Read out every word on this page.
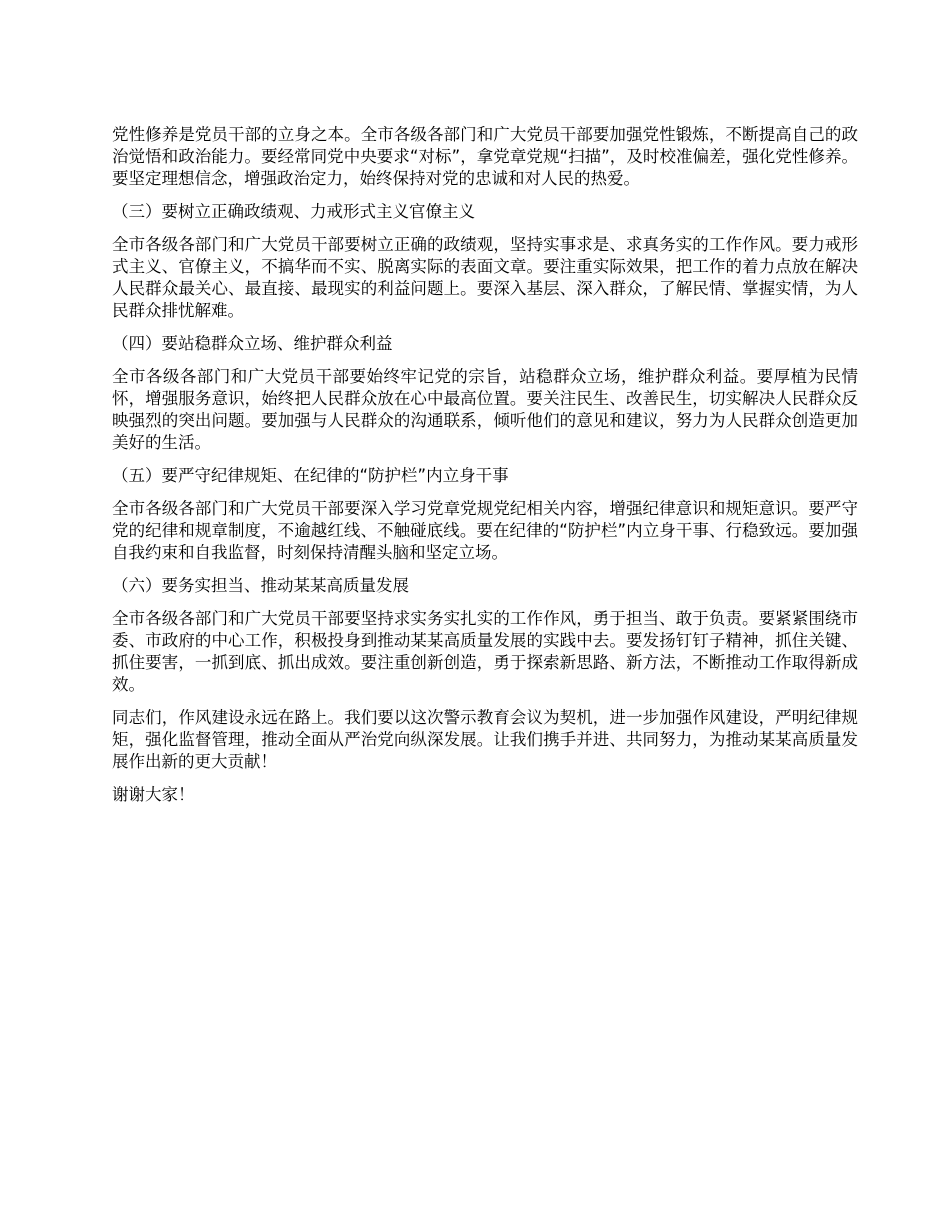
党性修养是党员干部的立身之本。全市各级各部门和广大党员干部要加强党性锻炼，不断提高自己的政治觉悟和政治能力。要经常同党中央要求“对标”，拿党章党规“扫描”，及时校准偏差，强化党性修养。要坚定理想信念，增强政治定力，始终保持对党的忠诚和对人民的热爱。

（三）要树立正确政绩观、力戒形式主义官僚主义

全市各级各部门和广大党员干部要树立正确的政绩观，坚持实事求是、求真务实的工作作风。要力戒形式主义、官僚主义，不搞华而不实、脱离实际的表面文章。要注重实际效果，把工作的着力点放在解决人民群众最关心、最直接、最现实的利益问题上。要深入基层、深入群众，了解民情、掌握实情，为人民群众排忧解难。

（四）要站稳群众立场、维护群众利益

全市各级各部门和广大党员干部要始终牢记党的宗旨，站稳群众立场，维护群众利益。要厚植为民情怀，增强服务意识，始终把人民群众放在心中最高位置。要关注民生、改善民生，切实解决人民群众反映强烈的突出问题。要加强与人民群众的沟通联系，倾听他们的意见和建议，努力为人民群众创造更加美好的生活。

（五）要严守纪律规矩、在纪律的“防护栏”内立身干事

全市各级各部门和广大党员干部要深入学习党章党规党纪相关内容，增强纪律意识和规矩意识。要严守党的纪律和规章制度，不逾越红线、不触碰底线。要在纪律的“防护栏”内立身干事、行稳致远。要加强自我约束和自我监督，时刻保持清醒头脑和坚定立场。

（六）要务实担当、推动某某高质量发展

全市各级各部门和广大党员干部要坚持求实务实扎实的工作作风，勇于担当、敢于负责。要紧紧围绕市委、市政府的中心工作，积极投身到推动某某高质量发展的实践中去。要发扬钉钉子精神，抓住关键、抓住要害，一抓到底、抓出成效。要注重创新创造，勇于探索新思路、新方法，不断推动工作取得新成效。

同志们，作风建设永远在路上。我们要以这次警示教育会议为契机，进一步加强作风建设，严明纪律规矩，强化监督管理，推动全面从严治党向纵深发展。让我们携手并进、共同努力，为推动某某高质量发展作出新的更大贡献！

谢谢大家！
